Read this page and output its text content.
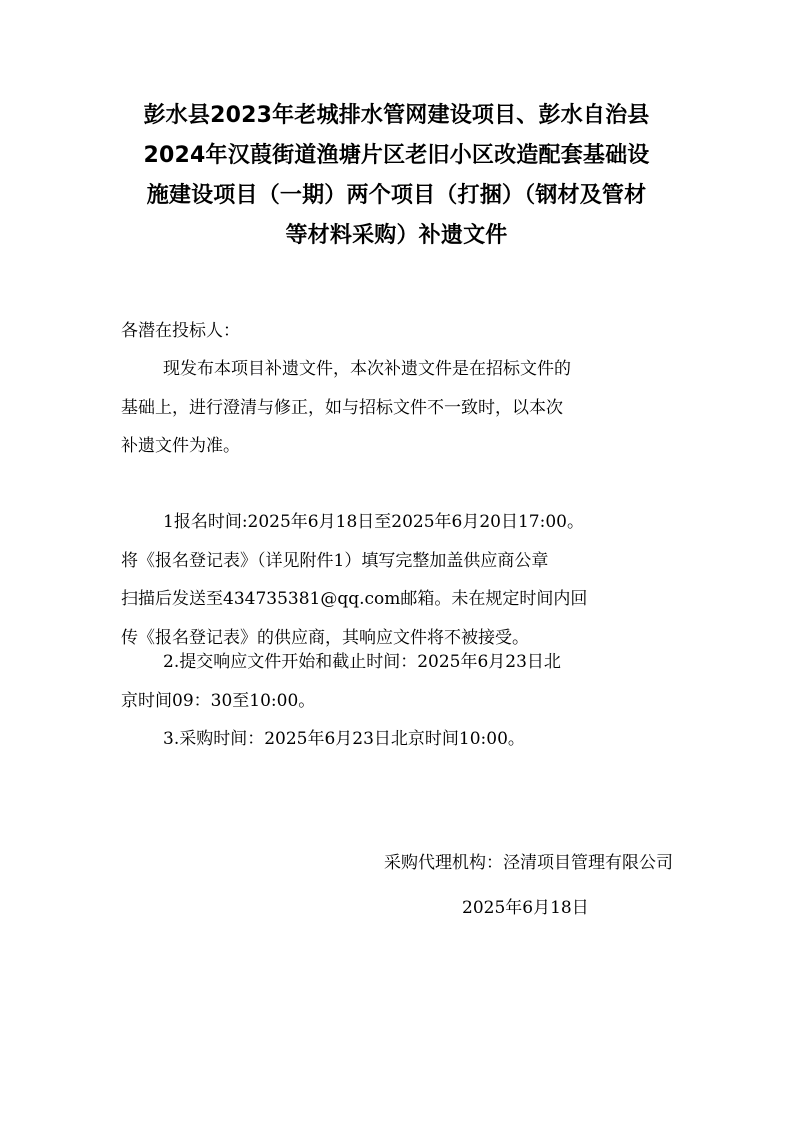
彭水县2023年老城排水管网建设项目、彭水自治县
2024年汉葭街道渔塘片区老旧小区改造配套基础设
施建设项目（一期）两个项目（打捆）（钢材及管材
等材料采购）补遗文件

各潜在投标人：

现发布本项目补遗文件，本次补遗文件是在招标文件的
基础上，进行澄清与修正，如与招标文件不一致时，以本次
补遗文件为准。
1报名时间:2025年6月18日至2025年6月20日17:00。
将《报名登记表》（详见附件1）填写完整加盖供应商公章
扫描后发送至434735381@qq.com邮箱。未在规定时间内回
传《报名登记表》的供应商，其响应文件将不被接受。
2.提交响应文件开始和截止时间：2025年6月23日北
京时间09：30至10:00。
3.采购时间：2025年6月23日北京时间10:00。

采购代理机构：泾清项目管理有限公司

2025年6月18日
